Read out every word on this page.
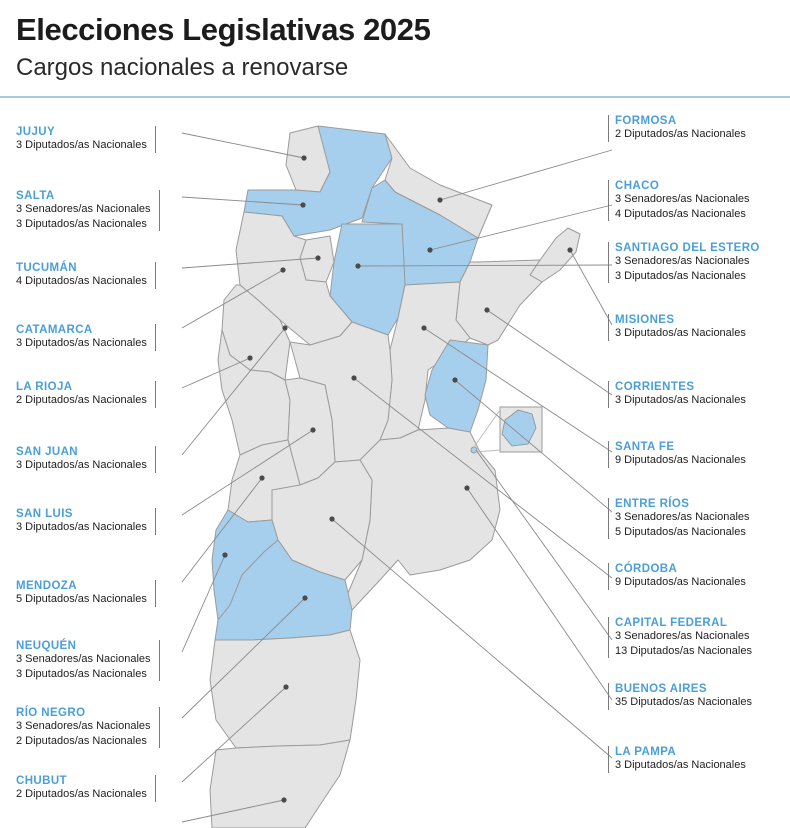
Elecciones Legislativas 2025
Cargos nacionales a renovarse
JUJUY
3 Diputados/as Nacionales
SALTA
3 Senadores/as Nacionales
3 Diputados/as Nacionales
TUCUMÁN
4 Diputados/as Nacionales
CATAMARCA
3 Diputados/as Nacionales
LA RIOJA
2 Diputados/as Nacionales
SAN JUAN
3 Diputados/as Nacionales
SAN LUIS
3 Diputados/as Nacionales
MENDOZA
5 Diputados/as Nacionales
NEUQUÉN
3 Senadores/as Nacionales
3 Diputados/as Nacionales
RÍO NEGRO
3 Senadores/as Nacionales
2 Diputados/as Nacionales
CHUBUT
2 Diputados/as Nacionales
FORMOSA
2 Diputados/as Nacionales
CHACO
3 Senadores/as Nacionales
4 Diputados/as Nacionales
SANTIAGO DEL ESTERO
3 Senadores/as Nacionales
3 Diputados/as Nacionales
MISIONES
3 Diputados/as Nacionales
CORRIENTES
3 Diputados/as Nacionales
SANTA FE
9 Diputados/as Nacionales
ENTRE RÍOS
3 Senadores/as Nacionales
5 Diputados/as Nacionales
CÓRDOBA
9 Diputados/as Nacionales
CAPITAL FEDERAL
3 Senadores/as Nacionales
13 Diputados/as Nacionales
BUENOS AIRES
35 Diputados/as Nacionales
LA PAMPA
3 Diputados/as Nacionales
